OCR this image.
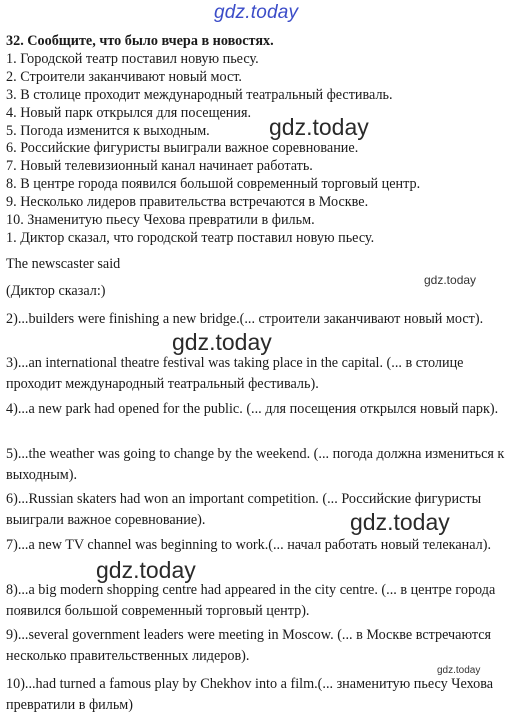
gdz.today
32. Сообщите, что было вчера в новостях.
1. Городской театр поставил новую пьесу.
2. Строители заканчивают новый мост.
3. В столице проходит международный театральный фестиваль.
4. Новый парк открылся для посещения.
5. Погода изменится к выходным.
6. Российские фигуристы выиграли важное соревнование.
7. Новый телевизионный канал начинает работать.
8. В центре города появился большой современный торговый центр.
9. Несколько лидеров правительства встречаются в Москве.
10. Знаменитую пьесу Чехова превратили в фильм.
1. Диктор сказал, что городской театр поставил новую пьесу.
gdz.today
The newscaster said
(Диктор сказал:)
gdz.today
2)...builders were finishing a new bridge.(... строители заканчивают новый мост).
gdz.today
3)...an international theatre festival was taking place in the capital. (... в столице проходит международный театральный фестиваль).
4)...a new park had opened for the public. (... для посещения открылся новый парк).
5)...the weather was going to change by the weekend. (... погода должна измениться к выходным).
6)...Russian skaters had won an important competition. (... Российские фигуристы выиграли важное соревнование).	gdz.today
7)...a new TV channel was beginning to work.(... начал работать новый телеканал).
gdz.today
8)...a big modern shopping centre had appeared in the city centre. (... в центре города появился большой современный торговый центр).
9)...several government leaders were meeting in Moscow. (... в Москве встречаются несколько правительственных лидеров).
gdz.today
10)...had turned a famous play by Chekhov into a film.(... знаменитую пьесу Чехова превратили в фильм)
